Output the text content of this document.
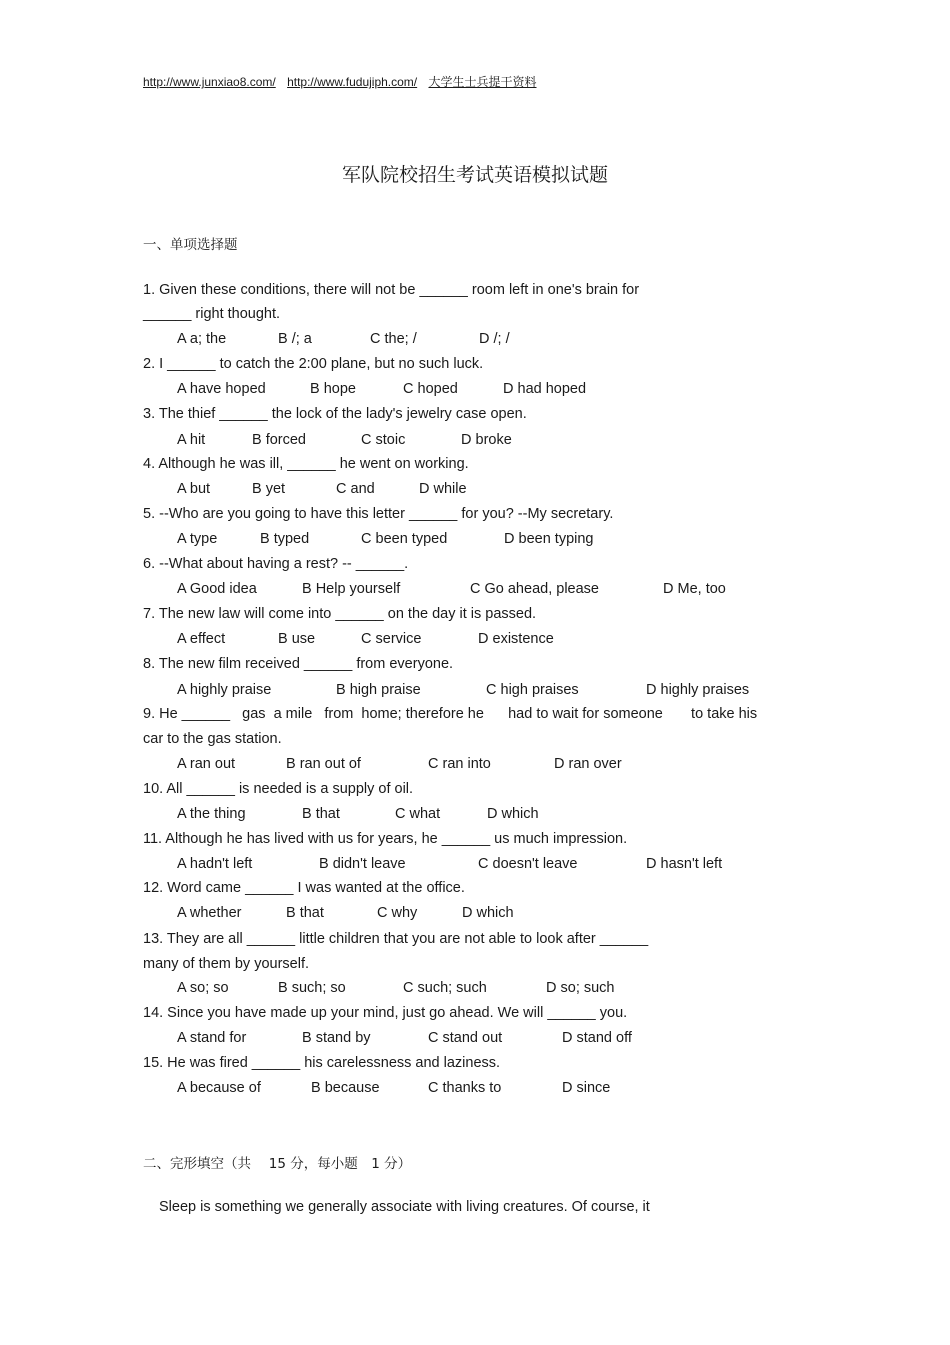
http://www.junxiao8.com/ http://www.fudujiph.com/ 大学生士兵提干资料
军队院校招生考试英语模拟试题
一、单项选择题
1. Given these conditions, there will not be ______ room left in one's brain for
______ right thought.
A a; the	B /; a	C the; /	D /; /
2. I ______ to catch the 2:00 plane, but no such luck.
A have hoped	B hope	C hoped	D had hoped
3. The thief ______ the lock of the lady's jewelry case open.
A hit	B forced	C stoic	D broke
4. Although he was ill, ______ he went on working.
A but	B yet	C and	D while
5. --Who are you going to have this letter ______ for you? --My secretary.
A type	B typed	C been typed	D been typing
6. --What about having a rest? -- ______.
A Good idea	B Help yourself	C Go ahead, please	D Me, too
7. The new law will come into ______ on the day it is passed.
A effect	B use	C service	D existence
8. The new film received ______ from everyone.
A highly praise	B high praise	C high praises	D highly praises
9. He ______   gas  a mile   from  home; therefore he      had to wait for someone       to take his
car to the gas station.
A ran out	B ran out of	C ran into	D ran over
10. All ______ is needed is a supply of oil.
A the thing	B that	C what	D which
11. Although he has lived with us for years, he ______ us much impression.
A hadn't left	B didn't leave	C doesn't leave	D hasn't left
12. Word came ______ I was wanted at the office.
A whether	B that	C why	D which
13. They are all ______ little children that you are not able to look after ______
many of them by yourself.
A so; so	B such; so	C such; such	D so; such
14. Since you have made up your mind, just go ahead. We will ______ you.
A stand for	B stand by	C stand out	D stand off
15. He was fired ______ his carelessness and laziness.
A because of	B because	C thanks to	D since
二、完形填空（共　 15 分，每小题　1 分）
Sleep is something we generally associate with living creatures. Of course, it
